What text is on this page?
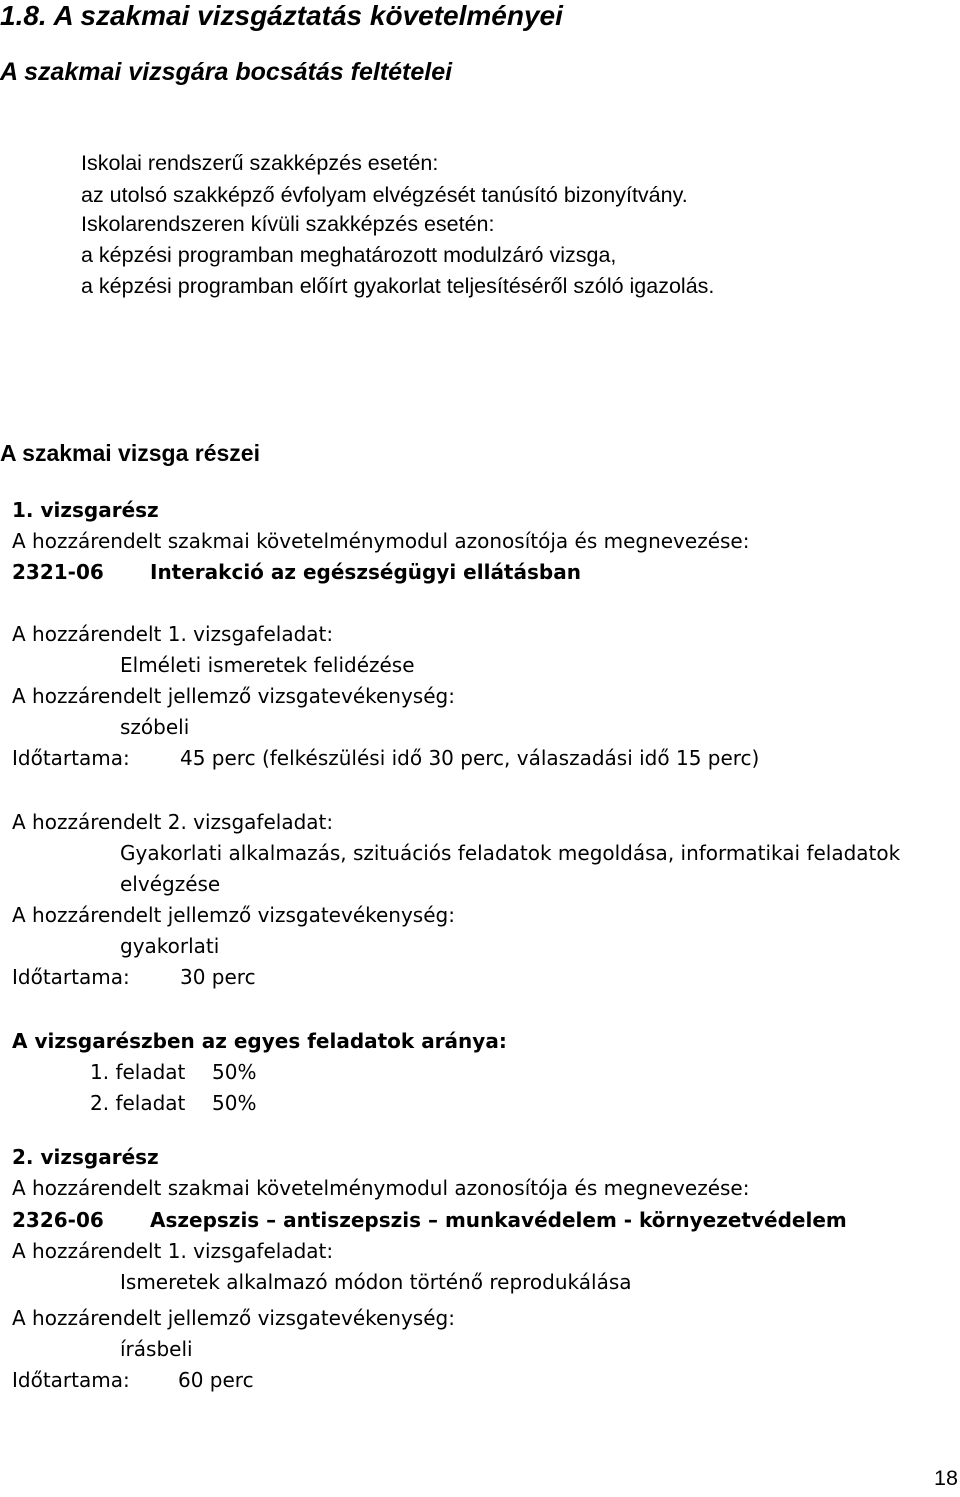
1.8. A szakmai vizsgáztatás követelményei
A szakmai vizsgára bocsátás feltételei
Iskolai rendszerű szakképzés esetén:
az utolsó szakképző évfolyam elvégzését tanúsító bizonyítvány.
Iskolarendszeren kívüli szakképzés esetén:
a képzési programban meghatározott modulzáró vizsga,
a képzési programban előírt gyakorlat teljesítéséről szóló igazolás.
A szakmai vizsga részei
1. vizsgarész
A hozzárendelt szakmai követelménymodul azonosítója és megnevezése:
2321-06 Interakció az egészségügyi ellátásban
A hozzárendelt 1. vizsgafeladat:
Elméleti ismeretek felidézése
A hozzárendelt jellemző vizsgatevékenység:
szóbeli
Időtartama:	45 perc (felkészülési idő 30 perc, válaszadási idő 15 perc)
A hozzárendelt 2. vizsgafeladat:
Gyakorlati alkalmazás, szituációs feladatok megoldása, informatikai feladatok
elvégzése
A hozzárendelt jellemző vizsgatevékenység:
gyakorlati
Időtartama:	30 perc
A vizsgarészben az egyes feladatok aránya:
1. feladat 50%
2. feladat 50%
2. vizsgarész
A hozzárendelt szakmai követelménymodul azonosítója és megnevezése:
2326-06 Aszepszis – antiszepszis – munkavédelem - környezetvédelem
A hozzárendelt 1. vizsgafeladat:
Ismeretek alkalmazó módon történő reprodukálása
A hozzárendelt jellemző vizsgatevékenység:
írásbeli
Időtartama: 60 perc
18
